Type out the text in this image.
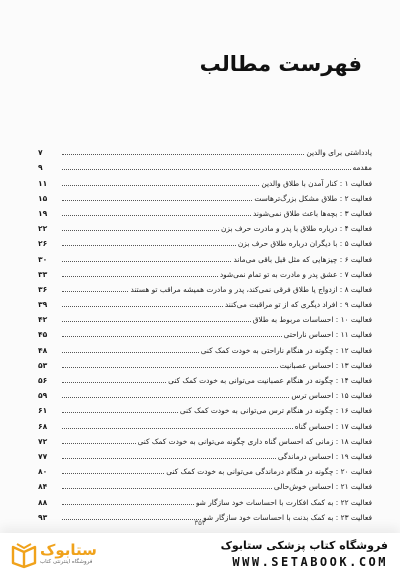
فهرست مطالب
یادداشتی برای والدین
۷
مقدمه
۹
فعالیت ۱ : کنار آمدن با طلاق والدین
۱۱
فعالیت ۲ : طلاق مشکل بزرگ‌ترهاست
۱۵
فعالیت ۳ : بچه‌ها باعث طلاق نمی‌شوند
۱۹
فعالیت ۴ : درباره طلاق با پدر و مادرت حرف بزن
۲۲
فعالیت ۵ : با دیگران درباره طلاق حرف بزن
۲۶
فعالیت ۶ : چیزهایی که مثل قبل باقی می‌ماند
۳۰
فعالیت ۷ : عشق پدر و مادرت به تو تمام نمی‌شود
۳۳
فعالیت ۸ : ازدواج یا طلاق فرقی نمی‌کند، پدر و مادرت همیشه مراقب تو هستند
۳۶
فعالیت ۹ : افراد دیگری که از تو مراقبت می‌کنند
۳۹
فعالیت ۱۰ : احساسات مربوط به طلاق
۴۲
فعالیت ۱۱ : احساس ناراحتی
۴۵
فعالیت ۱۲ : چگونه در هنگام ناراحتی به خودت کمک کنی
۴۸
فعالیت ۱۳ : احساس عصبانیت
۵۳
فعالیت ۱۴ : چگونه در هنگام عصبانیت می‌توانی به خودت کمک کنی
۵۶
فعالیت ۱۵ : احساس ترس
۵۹
فعالیت ۱۶ : چگونه در هنگام ترس می‌توانی به خودت کمک کنی
۶۱
فعالیت ۱۷ : احساس گناه
۶۸
فعالیت ۱۸ : زمانی که احساس گناه داری چگونه می‌توانی به خودت کمک کنی
۷۲
فعالیت ۱۹ : احساس درماندگی
۷۷
فعالیت ۲۰ : چگونه در هنگام درماندگی می‌توانی به خودت کمک کنی
۸۰
فعالیت ۲۱ : احساس خوش‌حالی
۸۴
فعالیت ۲۲ : به کمک افکارت با احساسات خود سازگار شو
۸۸
فعالیت ۲۳ : به کمک بدنت با احساسات خود سازگار شو
۹۳
۳۵۴
ستابوک
فروشگاه اینترنتی کتاب
فروشگاه کتاب پزشکی ستابوک
WWW.SETABOOK.COM
